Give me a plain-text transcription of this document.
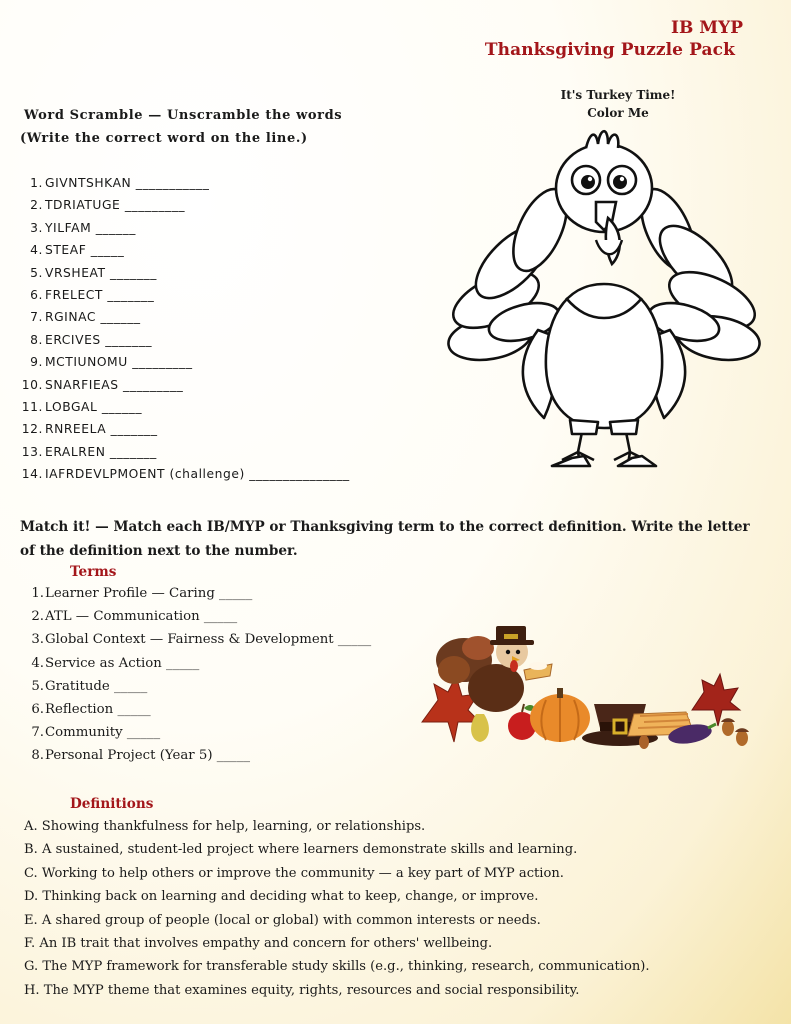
IB MYP
Thanksgiving Puzzle Pack
Word Scramble — Unscramble the words
(Write the correct word on the line.)
1. GIVNTSHKAN ___________
2. TDRIATUGE _________
3. YILFAM ______
4. STEAF _____
5. VRSHEAT _______
6. FRELECT _______
7. RGINAC ______
8. ERCIVES _______
9. MCTIUNOMU _________
10. SNARFIEAS _________
11. LOBGAL ______
12. RNREELA _______
13. ERALREN _______
14. IAFRDEVLPMOENT (challenge) _______________
It's Turkey Time!
Color Me
Match it! — Match each IB/MYP or Thanksgiving term to the correct definition. Write the letter of the definition next to the number.
Terms
1. Learner Profile — Caring _____
2. ATL — Communication _____
3. Global Context — Fairness & Development _____
4. Service as Action _____
5. Gratitude _____
6. Reflection _____
7. Community _____
8. Personal Project (Year 5) _____
Definitions
A. Showing thankfulness for help, learning, or relationships.
B. A sustained, student-led project where learners demonstrate skills and learning.
C. Working to help others or improve the community — a key part of MYP action.
D. Thinking back on learning and deciding what to keep, change, or improve.
E. A shared group of people (local or global) with common interests or needs.
F. An IB trait that involves empathy and concern for others' wellbeing.
G. The MYP framework for transferable study skills (e.g., thinking, research, communication).
H. The MYP theme that examines equity, rights, resources and social responsibility.
